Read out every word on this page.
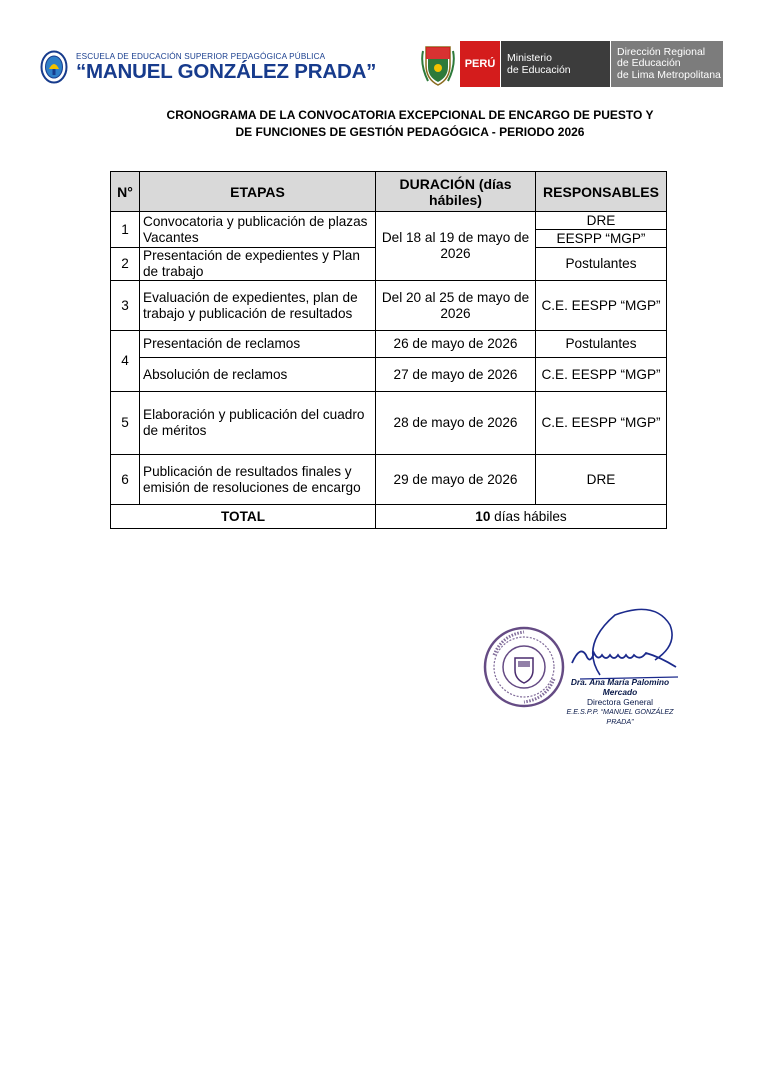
ESCUELA DE EDUCACIÓN SUPERIOR PEDAGÓGICA PÚBLICA
“MANUEL GONZÁLEZ PRADA”	PERÚ Ministerio
de Educación
Dirección Regional
de Educación
de Lima Metropolitana
CRONOGRAMA DE LA CONVOCATORIA EXCEPCIONAL DE ENCARGO DE PUESTO Y
DE FUNCIONES DE GESTIÓN PEDAGÓGICA - PERIODO 2026
N°	ETAPAS	DURACIÓN (días hábiles)	RESPONSABLES
1	Convocatoria y publicación de plazas Vacantes	Del 18 al 19 de mayo de 2026	DRE
			EESPP “MGP”
2	Presentación de expedientes y Plan de trabajo		Postulantes

3	Evaluación de expedientes, plan de trabajo y publicación de resultados	Del 20 al 25 de mayo de 2026	C.E. EESPP “MGP”
4	Presentación de reclamos	26 de mayo de 2026	Postulantes
	Absolución de reclamos	27 de mayo de 2026	C.E. EESPP “MGP”
5	Elaboración y publicación del cuadro de méritos	28 de mayo de 2026	C.E. EESPP “MGP”
6	Publicación de resultados finales y emisión de resoluciones de encargo	29 de mayo de 2026	DRE
TOTAL		10 días hábiles	
Dra. Ana María Palomino Mercado
Directora General
E.E.S.P.P. “MANUEL GONZÁLEZ PRADA”
